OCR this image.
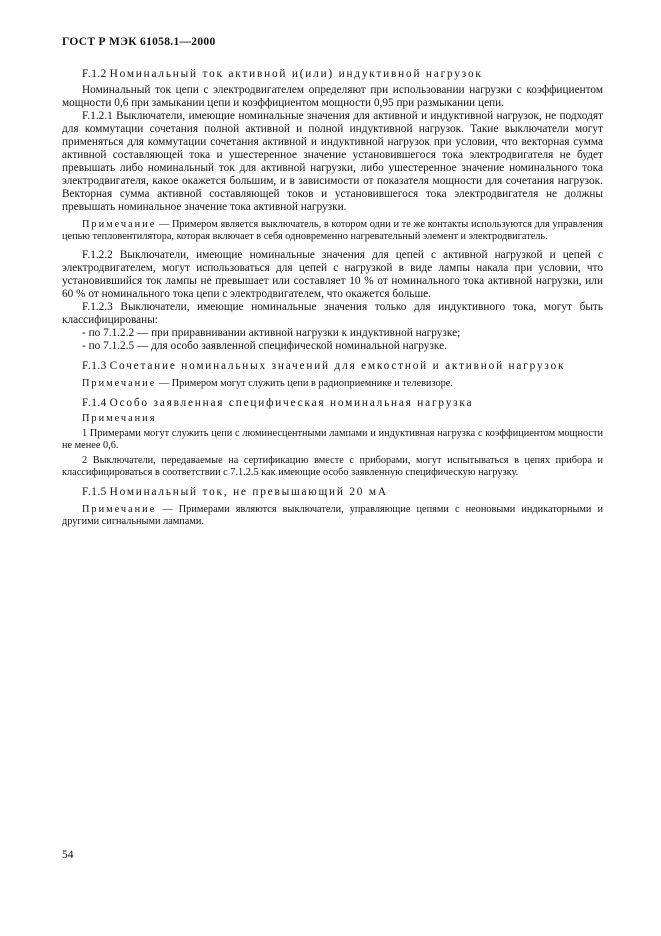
ГОСТ Р МЭК 61058.1—2000

F.1.2 Номинальный ток активной и(или) индуктивной нагрузок

Номинальный ток цепи с электродвигателем определяют при использовании нагрузки с коэффициентом мощности 0,6 при замыкании цепи и коэффициентом мощности 0,95 при размыкании цепи.

F.1.2.1 Выключатели, имеющие номинальные значения для активной и индуктивной нагрузок, не подходят для коммутации сочетания полной активной и полной индуктивной нагрузок. Такие выключатели могут применяться для коммутации сочетания активной и индуктивной нагрузок при условии, что векторная сумма активной составляющей тока и ушестеренное значение установившегося тока электродвигателя не будет превышать либо номинальный ток для активной нагрузки, либо ушестеренное значение номинального тока электродвигателя, какое окажется большим, и в зависимости от показателя мощности для сочетания нагрузок. Векторная сумма активной составляющей токов и установившегося тока электродвигателя не должны превышать номинальное значение тока активной нагрузки.

Примечание — Примером является выключатель, в котором одни и те же контакты используются для управления цепью тепловентилятора, которая включает в себя одновременно нагревательный элемент и электродвигатель.

F.1.2.2 Выключатели, имеющие номинальные значения для цепей с активной нагрузкой и цепей с электродвигателем, могут использоваться для цепей с нагрузкой в виде лампы накала при условии, что установившийся ток лампы не превышает или составляет 10 % от номинального тока активной нагрузки, или 60 % от номинального тока цепи с электродвигателем, что окажется больше.

F.1.2.3 Выключатели, имеющие номинальные значения только для индуктивного тока, могут быть классифицированы:

- по 7.1.2.2 — при приравнивании активной нагрузки к индуктивной нагрузке;

- по 7.1.2.5 — для особо заявленной специфической номинальной нагрузке.

F.1.3 Сочетание номинальных значений для емкостной и активной нагрузок

Примечание — Примером могут служить цепи в радиоприемнике и телевизоре.

F.1.4 Особо заявленная специфическая номинальная нагрузка

Примечания

1 Примерами могут служить цепи с люминесцентными лампами и индуктивная нагрузка с коэффициентом мощности не менее 0,6.

2 Выключатели, передаваемые на сертификацию вместе с приборами, могут испытываться в цепях прибора и классифицироваться в соответствии с 7.1.2.5 как имеющие особо заявленную специфическую нагрузку.

F.1.5 Номинальный ток, не превышающий 20 мА

Примечание — Примерами являются выключатели, управляющие цепями с неоновыми индикаторными и другими сигнальными лампами.

54
